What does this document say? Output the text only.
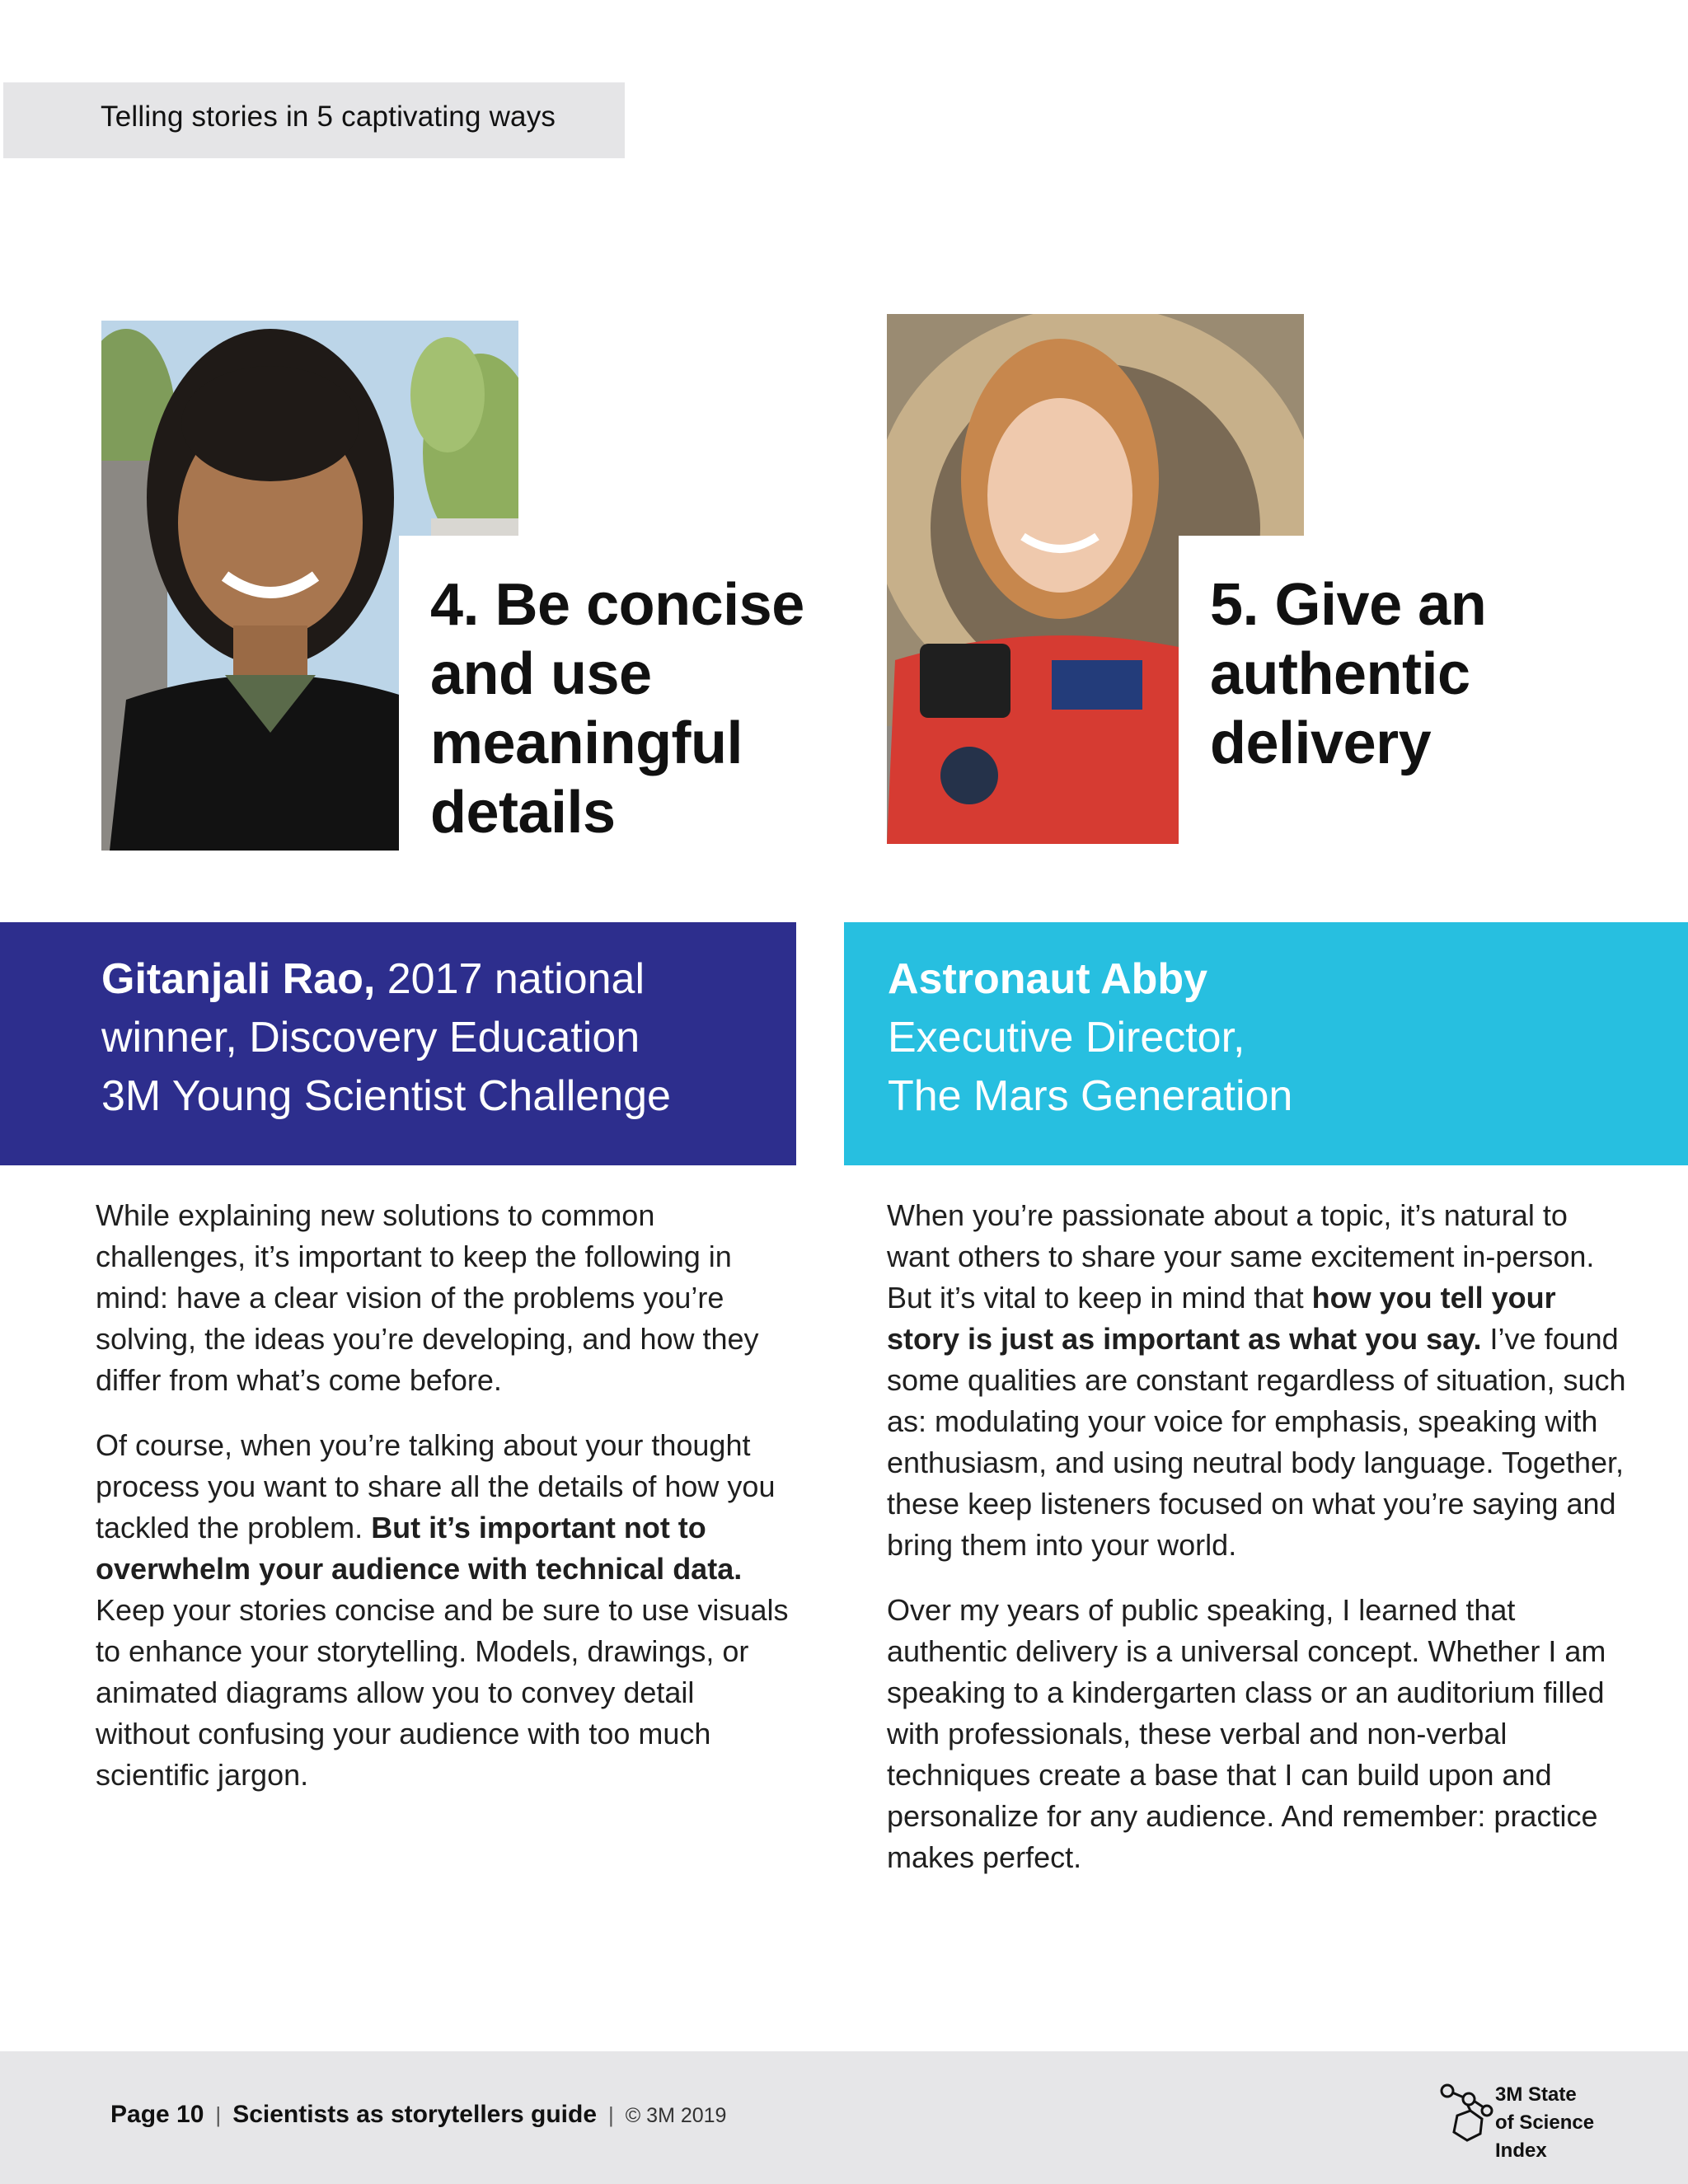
Telling stories in 5 captivating ways
4. Be concise
and use
meaningful
details
5. Give an
authentic
delivery
Gitanjali Rao, 2017 national
winner, Discovery Education
3M Young Scientist Challenge
Astronaut Abby
Executive Director,
The Mars Generation

While explaining new solutions to common challenges, it’s important to keep the following in mind: have a clear vision of the problems you’re solving, the ideas you’re developing, and how they differ from what’s come before.

Of course, when you’re talking about your thought process you want to share all the details of how you tackled the problem. But it’s important not to overwhelm your audience with technical data. Keep your stories concise and be sure to use visuals to enhance your storytelling. Models, drawings, or animated diagrams allow you to convey detail without confusing your audience with too much scientific jargon.

When you’re passionate about a topic, it’s natural to want others to share your same excitement in-person. But it’s vital to keep in mind that how you tell your story is just as important as what you say. I’ve found some qualities are constant regardless of situation, such as: modulating your voice for emphasis, speaking with enthusiasm, and using neutral body language. Together, these keep listeners focused on what you’re saying and bring them into your world.

Over my years of public speaking, I learned that authentic delivery is a universal concept. Whether I am speaking to a kindergarten class or an auditorium filled with professionals, these verbal and non-verbal techniques create a base that I can build upon and personalize for any audience. And remember: practice makes perfect.

Page 10 | Scientists as storytellers guide | © 3M 2019
3M State
of Science
Index
